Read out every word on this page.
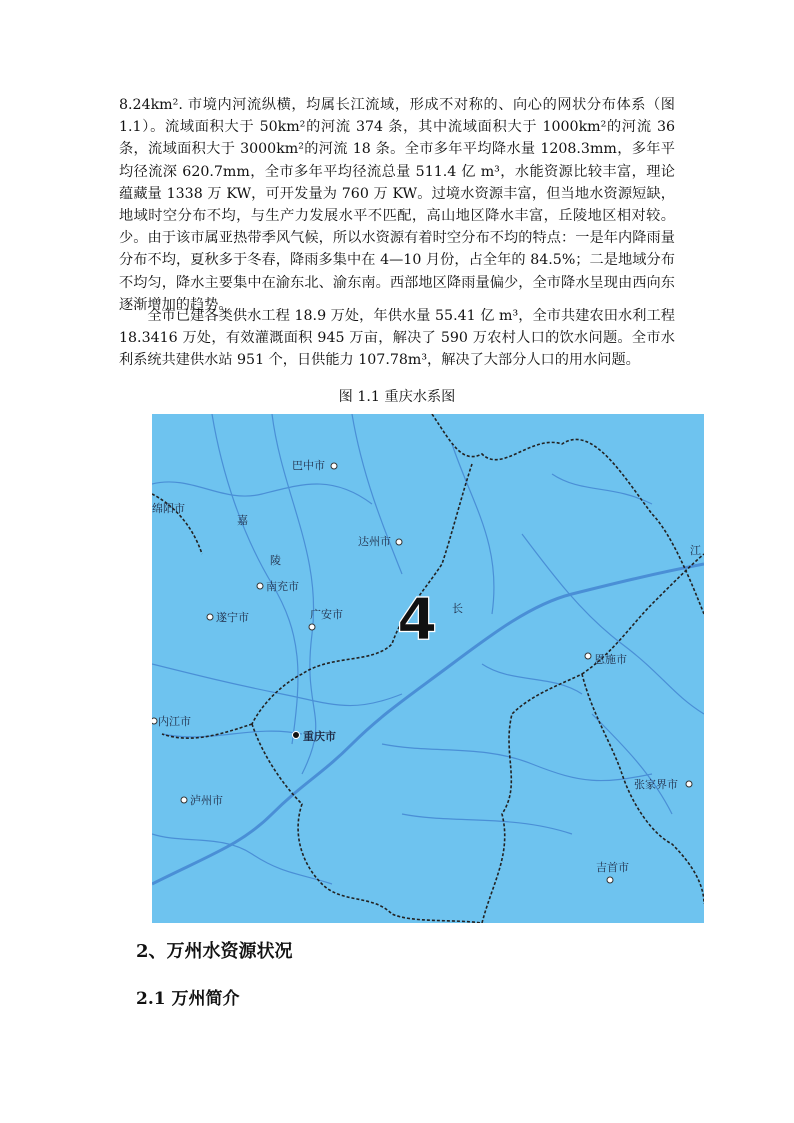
8.24km². 市境内河流纵横，均属长江流域，形成不对称的、向心的网状分布体系（图 1.1）。流域面积大于 50km²的河流 374 条，其中流域面积大于 1000km²的河流 36 条，流域面积大于 3000km²的河流 18 条。全市多年平均降水量 1208.3mm，多年平均径流深 620.7mm，全市多年平均径流总量 511.4 亿 m³，水能资源比较丰富，理论蕴藏量 1338 万 KW，可开发量为 760 万 KW。过境水资源丰富，但当地水资源短缺，地域时空分布不均，与生产力发展水平不匹配，高山地区降水丰富，丘陵地区相对较。少。由于该市属亚热带季风气候，所以水资源有着时空分布不均的特点：一是年内降雨量分布不均，夏秋多于冬春，降雨多集中在 4—10 月份，占全年的 84.5%；二是地域分布不均匀，降水主要集中在渝东北、渝东南。西部地区降雨量偏少，全市降水呈现由西向东逐渐增加的趋势。

全市已建各类供水工程 18.9 万处，年供水量 55.41 亿 m³，全市共建农田水利工程 18.3416 万处，有效灌溉面积 945 万亩，解决了 590 万农村人口的饮水问题。全市水利系统共建供水站 951 个，日供能力 107.78m³，解决了大部分人口的用水问题。

图 1.1 重庆水系图
嘉
陵
江
长
4
巴中市
达州市
南充市
遂宁市	广安市
恩施市
内江市
重庆市
张家界市
泸州市
吉首市
绵阳市
2、万州水资源状况
2.1 万州简介
